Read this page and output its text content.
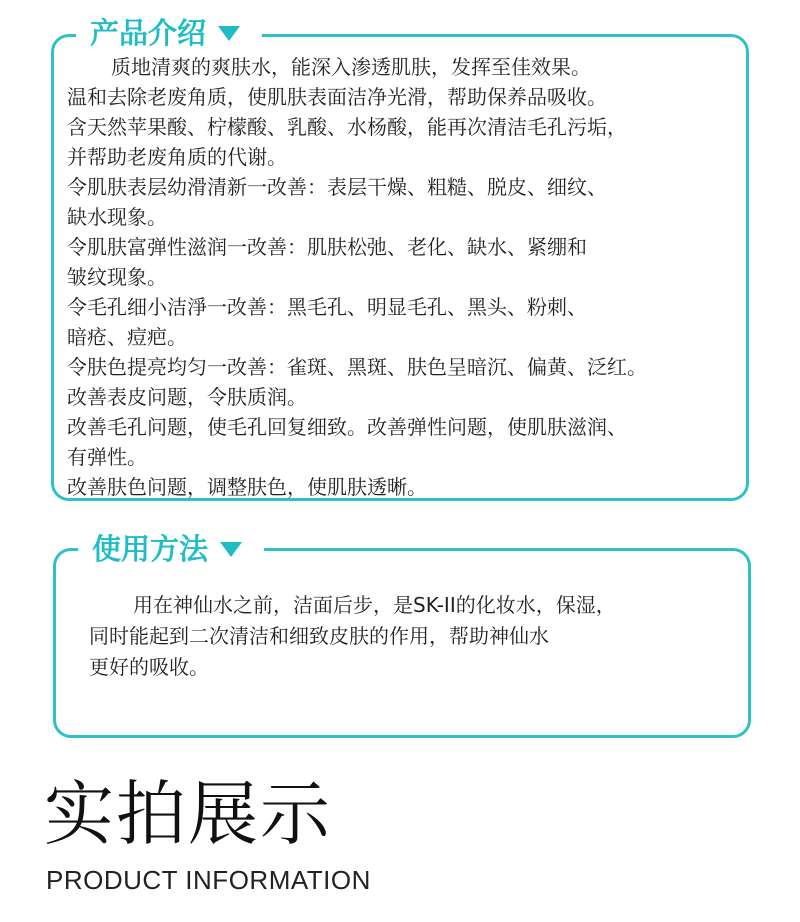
产品介绍

质地清爽的爽肤水，能深入渗透肌肤，发挥至佳效果。

温和去除老废角质，使肌肤表面洁净光滑，帮助保养品吸收。

含天然苹果酸、柠檬酸、乳酸、水杨酸，能再次清洁毛孔污垢，

并帮助老废角质的代谢。

令肌肤表层幼滑清新一改善：表层干燥、粗糙、脱皮、细纹、

缺水现象。

令肌肤富弹性滋润一改善：肌肤松弛、老化、缺水、紧绷和

皱纹现象。

令毛孔细小洁淨一改善：黑毛孔、明显毛孔、黑头、粉刺、

暗疮、痘疤。

令肤色提亮均匀一改善：雀斑、黑斑、肤色呈暗沉、偏黄、泛红。

改善表皮问题，令肤质润。

改善毛孔问题，使毛孔回复细致。改善弹性问题，使肌肤滋润、

有弹性。

改善肤色问题，调整肤色，使肌肤透晰。

使用方法

用在神仙水之前，洁面后步，是SK-II的化妆水，保湿，

同时能起到二次清洁和细致皮肤的作用，帮助神仙水

更好的吸收。

实拍展示
PRODUCT INFORMATION
